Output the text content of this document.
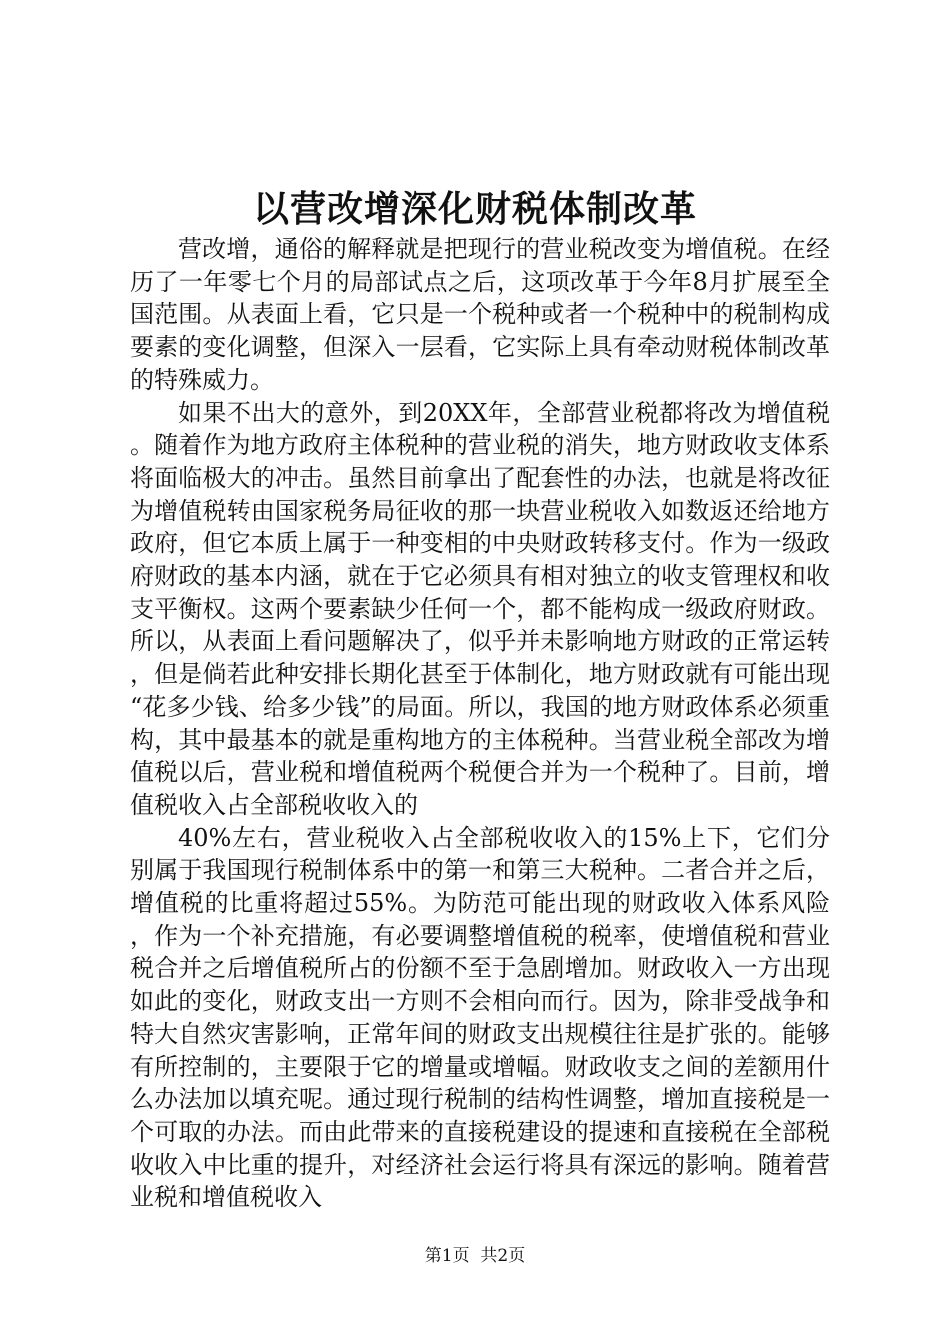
以营改增深化财税体制改革

营改增，通俗的解释就是把现行的营业税改变为增值税。在经历了一年零七个月的局部试点之后，这项改革于今年8月扩展至全国范围。从表面上看，它只是一个税种或者一个税种中的税制构成要素的变化调整，但深入一层看，它实际上具有牵动财税体制改革的特殊威力。

如果不出大的意外，到20XX年，全部营业税都将改为增值税。随着作为地方政府主体税种的营业税的消失，地方财政收支体系将面临极大的冲击。虽然目前拿出了配套性的办法，也就是将改征为增值税转由国家税务局征收的那一块营业税收入如数返还给地方政府，但它本质上属于一种变相的中央财政转移支付。作为一级政府财政的基本内涵，就在于它必须具有相对独立的收支管理权和收支平衡权。这两个要素缺少任何一个，都不能构成一级政府财政。所以，从表面上看问题解决了，似乎并未影响地方财政的正常运转，但是倘若此种安排长期化甚至于体制化，地方财政就有可能出现“花多少钱、给多少钱”的局面。所以，我国的地方财政体系必须重构，其中最基本的就是重构地方的主体税种。当营业税全部改为增值税以后，营业税和增值税两个税便合并为一个税种了。目前，增值税收入占全部税收收入的

40%左右，营业税收入占全部税收收入的15%上下，它们分别属于我国现行税制体系中的第一和第三大税种。二者合并之后，增值税的比重将超过55%。为防范可能出现的财政收入体系风险，作为一个补充措施，有必要调整增值税的税率，使增值税和营业税合并之后增值税所占的份额不至于急剧增加。财政收入一方出现如此的变化，财政支出一方则不会相向而行。因为，除非受战争和特大自然灾害影响，正常年间的财政支出规模往往是扩张的。能够有所控制的，主要限于它的增量或增幅。财政收支之间的差额用什么办法加以填充呢。通过现行税制的结构性调整，增加直接税是一个可取的办法。而由此带来的直接税建设的提速和直接税在全部税收收入中比重的提升，对经济社会运行将具有深远的影响。随着营业税和增值税收入

第1页 共2页
